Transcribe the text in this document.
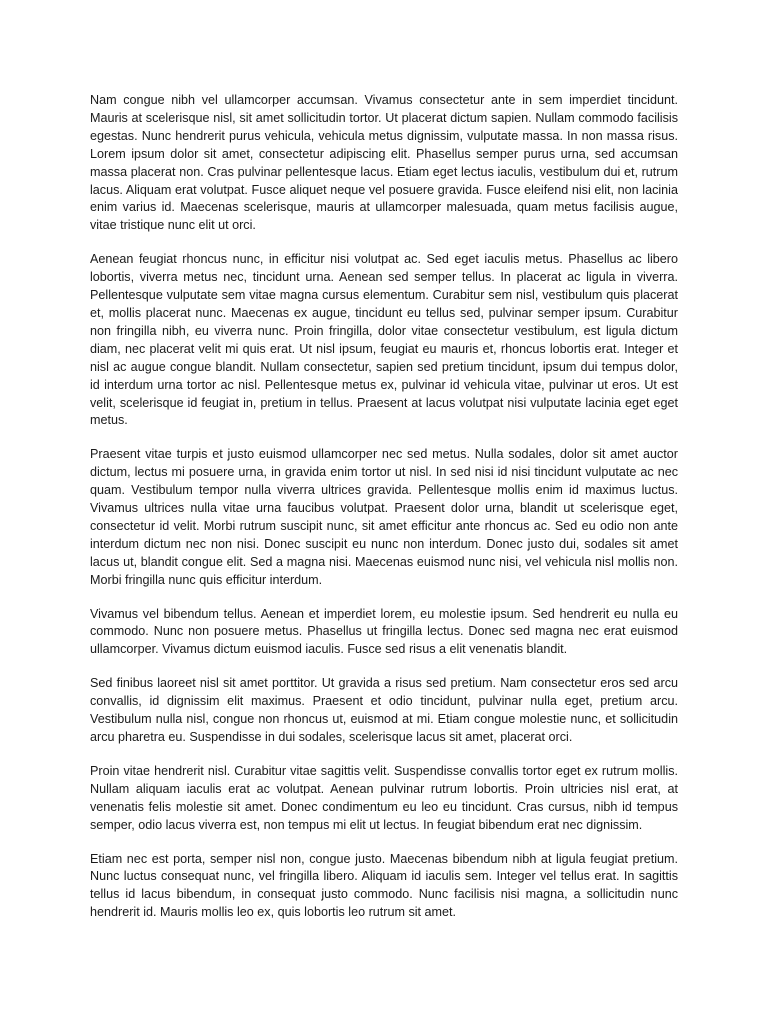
Nam congue nibh vel ullamcorper accumsan. Vivamus consectetur ante in sem imperdiet tincidunt. Mauris at scelerisque nisl, sit amet sollicitudin tortor. Ut placerat dictum sapien. Nullam commodo facilisis egestas. Nunc hendrerit purus vehicula, vehicula metus dignissim, vulputate massa. In non massa risus. Lorem ipsum dolor sit amet, consectetur adipiscing elit. Phasellus semper purus urna, sed accumsan massa placerat non. Cras pulvinar pellentesque lacus. Etiam eget lectus iaculis, vestibulum dui et, rutrum lacus. Aliquam erat volutpat. Fusce aliquet neque vel posuere gravida. Fusce eleifend nisi elit, non lacinia enim varius id. Maecenas scelerisque, mauris at ullamcorper malesuada, quam metus facilisis augue, vitae tristique nunc elit ut orci.

Aenean feugiat rhoncus nunc, in efficitur nisi volutpat ac. Sed eget iaculis metus. Phasellus ac libero lobortis, viverra metus nec, tincidunt urna. Aenean sed semper tellus. In placerat ac ligula in viverra. Pellentesque vulputate sem vitae magna cursus elementum. Curabitur sem nisl, vestibulum quis placerat et, mollis placerat nunc. Maecenas ex augue, tincidunt eu tellus sed, pulvinar semper ipsum. Curabitur non fringilla nibh, eu viverra nunc. Proin fringilla, dolor vitae consectetur vestibulum, est ligula dictum diam, nec placerat velit mi quis erat. Ut nisl ipsum, feugiat eu mauris et, rhoncus lobortis erat. Integer et nisl ac augue congue blandit. Nullam consectetur, sapien sed pretium tincidunt, ipsum dui tempus dolor, id interdum urna tortor ac nisl. Pellentesque metus ex, pulvinar id vehicula vitae, pulvinar ut eros. Ut est velit, scelerisque id feugiat in, pretium in tellus. Praesent at lacus volutpat nisi vulputate lacinia eget eget metus.

Praesent vitae turpis et justo euismod ullamcorper nec sed metus. Nulla sodales, dolor sit amet auctor dictum, lectus mi posuere urna, in gravida enim tortor ut nisl. In sed nisi id nisi tincidunt vulputate ac nec quam. Vestibulum tempor nulla viverra ultrices gravida. Pellentesque mollis enim id maximus luctus. Vivamus ultrices nulla vitae urna faucibus volutpat. Praesent dolor urna, blandit ut scelerisque eget, consectetur id velit. Morbi rutrum suscipit nunc, sit amet efficitur ante rhoncus ac. Sed eu odio non ante interdum dictum nec non nisi. Donec suscipit eu nunc non interdum. Donec justo dui, sodales sit amet lacus ut, blandit congue elit. Sed a magna nisi. Maecenas euismod nunc nisi, vel vehicula nisl mollis non. Morbi fringilla nunc quis efficitur interdum.

Vivamus vel bibendum tellus. Aenean et imperdiet lorem, eu molestie ipsum. Sed hendrerit eu nulla eu commodo. Nunc non posuere metus. Phasellus ut fringilla lectus. Donec sed magna nec erat euismod ullamcorper. Vivamus dictum euismod iaculis. Fusce sed risus a elit venenatis blandit.

Sed finibus laoreet nisl sit amet porttitor. Ut gravida a risus sed pretium. Nam consectetur eros sed arcu convallis, id dignissim elit maximus. Praesent et odio tincidunt, pulvinar nulla eget, pretium arcu. Vestibulum nulla nisl, congue non rhoncus ut, euismod at mi. Etiam congue molestie nunc, et sollicitudin arcu pharetra eu. Suspendisse in dui sodales, scelerisque lacus sit amet, placerat orci.

Proin vitae hendrerit nisl. Curabitur vitae sagittis velit. Suspendisse convallis tortor eget ex rutrum mollis. Nullam aliquam iaculis erat ac volutpat. Aenean pulvinar rutrum lobortis. Proin ultricies nisl erat, at venenatis felis molestie sit amet. Donec condimentum eu leo eu tincidunt. Cras cursus, nibh id tempus semper, odio lacus viverra est, non tempus mi elit ut lectus. In feugiat bibendum erat nec dignissim.

Etiam nec est porta, semper nisl non, congue justo. Maecenas bibendum nibh at ligula feugiat pretium. Nunc luctus consequat nunc, vel fringilla libero. Aliquam id iaculis sem. Integer vel tellus erat. In sagittis tellus id lacus bibendum, in consequat justo commodo. Nunc facilisis nisi magna, a sollicitudin nunc hendrerit id. Mauris mollis leo ex, quis lobortis leo rutrum sit amet.
